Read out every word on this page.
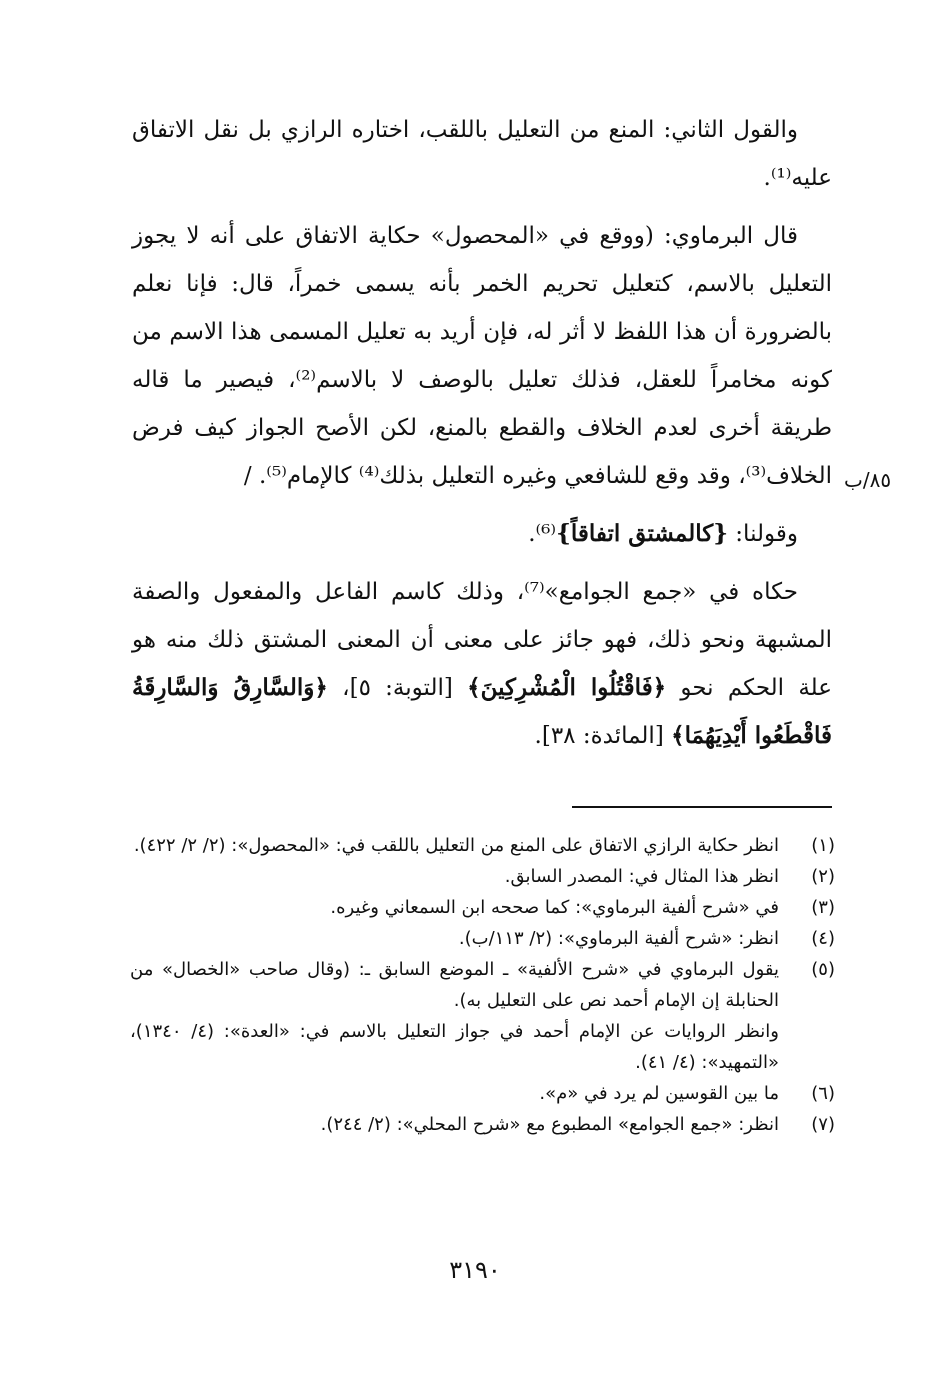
والقول الثاني: المنع من التعليل باللقب، اختاره الرازي بل نقل الاتفاق عليه⁽¹⁾.

قال البرماوي: (ووقع في «المحصول» حكاية الاتفاق على أنه لا يجوز التعليل بالاسم، كتعليل تحريم الخمر بأنه يسمى خمراً، قال: فإنا نعلم بالضرورة أن هذا اللفظ لا أثر له، فإن أريد به تعليل المسمى هذا الاسم من كونه مخامراً للعقل، فذلك تعليل بالوصف لا بالاسم⁽²⁾، فيصير ما قاله طريقة أخرى لعدم الخلاف والقطع بالمنع، لكن الأصح الجواز كيف فرض الخلاف⁽³⁾، وقد وقع للشافعي وغيره التعليل بذلك⁽⁴⁾ كالإمام⁽⁵⁾. /

وقولنا: {كالمشتق اتفاقاً}⁽⁶⁾.

حكاه في «جمع الجوامع»⁽⁷⁾، وذلك كاسم الفاعل والمفعول والصفة المشبهة ونحو ذلك، فهو جائز على معنى أن المعنى المشتق ذلك منه هو علة الحكم نحو ﴿فَاقْتُلُوا الْمُشْرِكِينَ﴾ [التوبة: ٥]، ﴿وَالسَّارِقُ وَالسَّارِقَةُ فَاقْطَعُوا أَيْدِيَهُمَا﴾ [المائدة: ٣٨].

٨٥/ب
(١)
انظر حكاية الرازي الاتفاق على المنع من التعليل باللقب في: «المحصول»: (٢/ ٢/ ٤٢٢).
(٢)
انظر هذا المثال في: المصدر السابق.
(٣)
في «شرح ألفية البرماوي»: كما صححه ابن السمعاني وغيره.
(٤)
انظر: «شرح ألفية البرماوي»: (٢/ ١١٣/ب).
(٥)
يقول البرماوي في «شرح الألفية» ـ الموضع السابق ـ: (وقال صاحب «الخصال» من الحنابلة إن الإمام أحمد نص على التعليل به).
وانظر الروايات عن الإمام أحمد في جواز التعليل بالاسم في: «العدة»: (٤/ ١٣٤٠)، «التمهيد»: (٤/ ٤١).
(٦)
ما بين القوسين لم يرد في «م».
(٧)
انظر: «جمع الجوامع» المطبوع مع «شرح المحلي»: (٢/ ٢٤٤).
٣١٩٠
